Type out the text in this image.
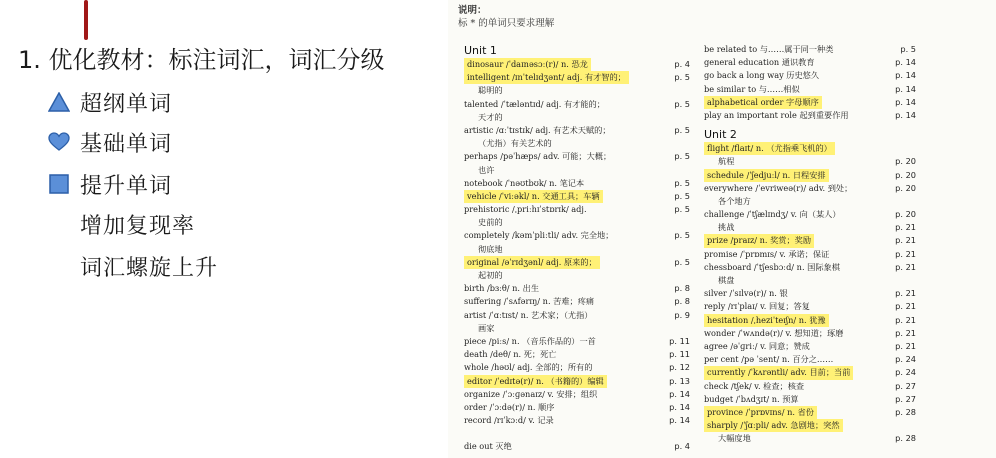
1. 优化教材：标注词汇，词汇分级

超纲单词
基础单词
提升单词
增加复现率
词汇螺旋上升
说明：
标 * 的单词只要求理解
Unit 1
dinosaur /ˈdaɪnəsɔː(r)/ n. 恐龙	p. 4
intelligent /ɪnˈtelɪdʒənt/ adj. 有才智的；	p. 5
聪明的
talented /ˈtæləntɪd/ adj. 有才能的；	p. 5
天才的
artistic /ɑːˈtɪstɪk/ adj. 有艺术天赋的；	p. 5
（尤指）有关艺术的
perhaps /pəˈhæps/ adv. 可能；大概；	p. 5
也许
notebook /ˈnəʊtbʊk/ n. 笔记本	p. 5
vehicle /ˈviːəkl/ n. 交通工具；车辆	p. 5
prehistoric /ˌpriːhɪˈstɒrɪk/ adj.	p. 5
史前的
completely /kəmˈpliːtli/ adv. 完全地；	p. 5
彻底地
original /əˈrɪdʒənl/ adj. 原来的；	p. 5
起初的
birth /bɜːθ/ n. 出生	p. 8
suffering /ˈsʌfərɪŋ/ n. 苦难；疼痛	p. 8
artist /ˈɑːtɪst/ n. 艺术家；（尤指）	p. 9
画家
piece /piːs/ n. （音乐作品的）一首	p. 11
death /deθ/ n. 死；死亡	p. 11
whole /həʊl/ adj. 全部的；所有的	p. 12
editor /ˈedɪtə(r)/ n. （书籍的）编辑	p. 13
organize /ˈɔːɡənaɪz/ v. 安排；组织	p. 14
order /ˈɔːdə(r)/ n. 顺序	p. 14
record /rɪˈkɔːd/ v. 记录	p. 14
die out 灭绝	p. 4
be related to 与……属于同一种类	p. 5
general education 通识教育	p. 14
go back a long way 历史悠久	p. 14
be similar to 与……相似	p. 14
alphabetical order 字母顺序	p. 14
play an important role 起到重要作用	p. 14
Unit 2
flight /flaɪt/ n. （尤指乘飞机的）
航程	p. 20
schedule /ˈʃedjuːl/ n. 日程安排	p. 20
everywhere /ˈevriweə(r)/ adv. 到处；	p. 20
各个地方
challenge /ˈtʃælɪndʒ/ v. 向（某人）	p. 20
挑战	p. 21
prize /praɪz/ n. 奖赏；奖励	p. 21
promise /ˈprɒmɪs/ v. 承诺；保证	p. 21
chessboard /ˈtʃesbɔːd/ n. 国际象棋	p. 21
棋盘
silver /ˈsɪlvə(r)/ n. 银	p. 21
reply /rɪˈplaɪ/ v. 回复；答复	p. 21
hesitation /ˌheziˈteɪʃn/ n. 犹豫	p. 21
wonder /ˈwʌndə(r)/ v. 想知道；琢磨	p. 21
agree /əˈɡriː/ v. 同意；赞成	p. 21
per cent /pə ˈsent/ n. 百分之……	p. 24
currently /ˈkʌrəntli/ adv. 目前；当前	p. 24
check /tʃek/ v. 检查；核查	p. 27
budget /ˈbʌdʒɪt/ n. 预算	p. 27
province /ˈprɒvɪns/ n. 省份	p. 28
sharply /ˈʃɑːpli/ adv. 急剧地；突然
大幅度地	p. 28
